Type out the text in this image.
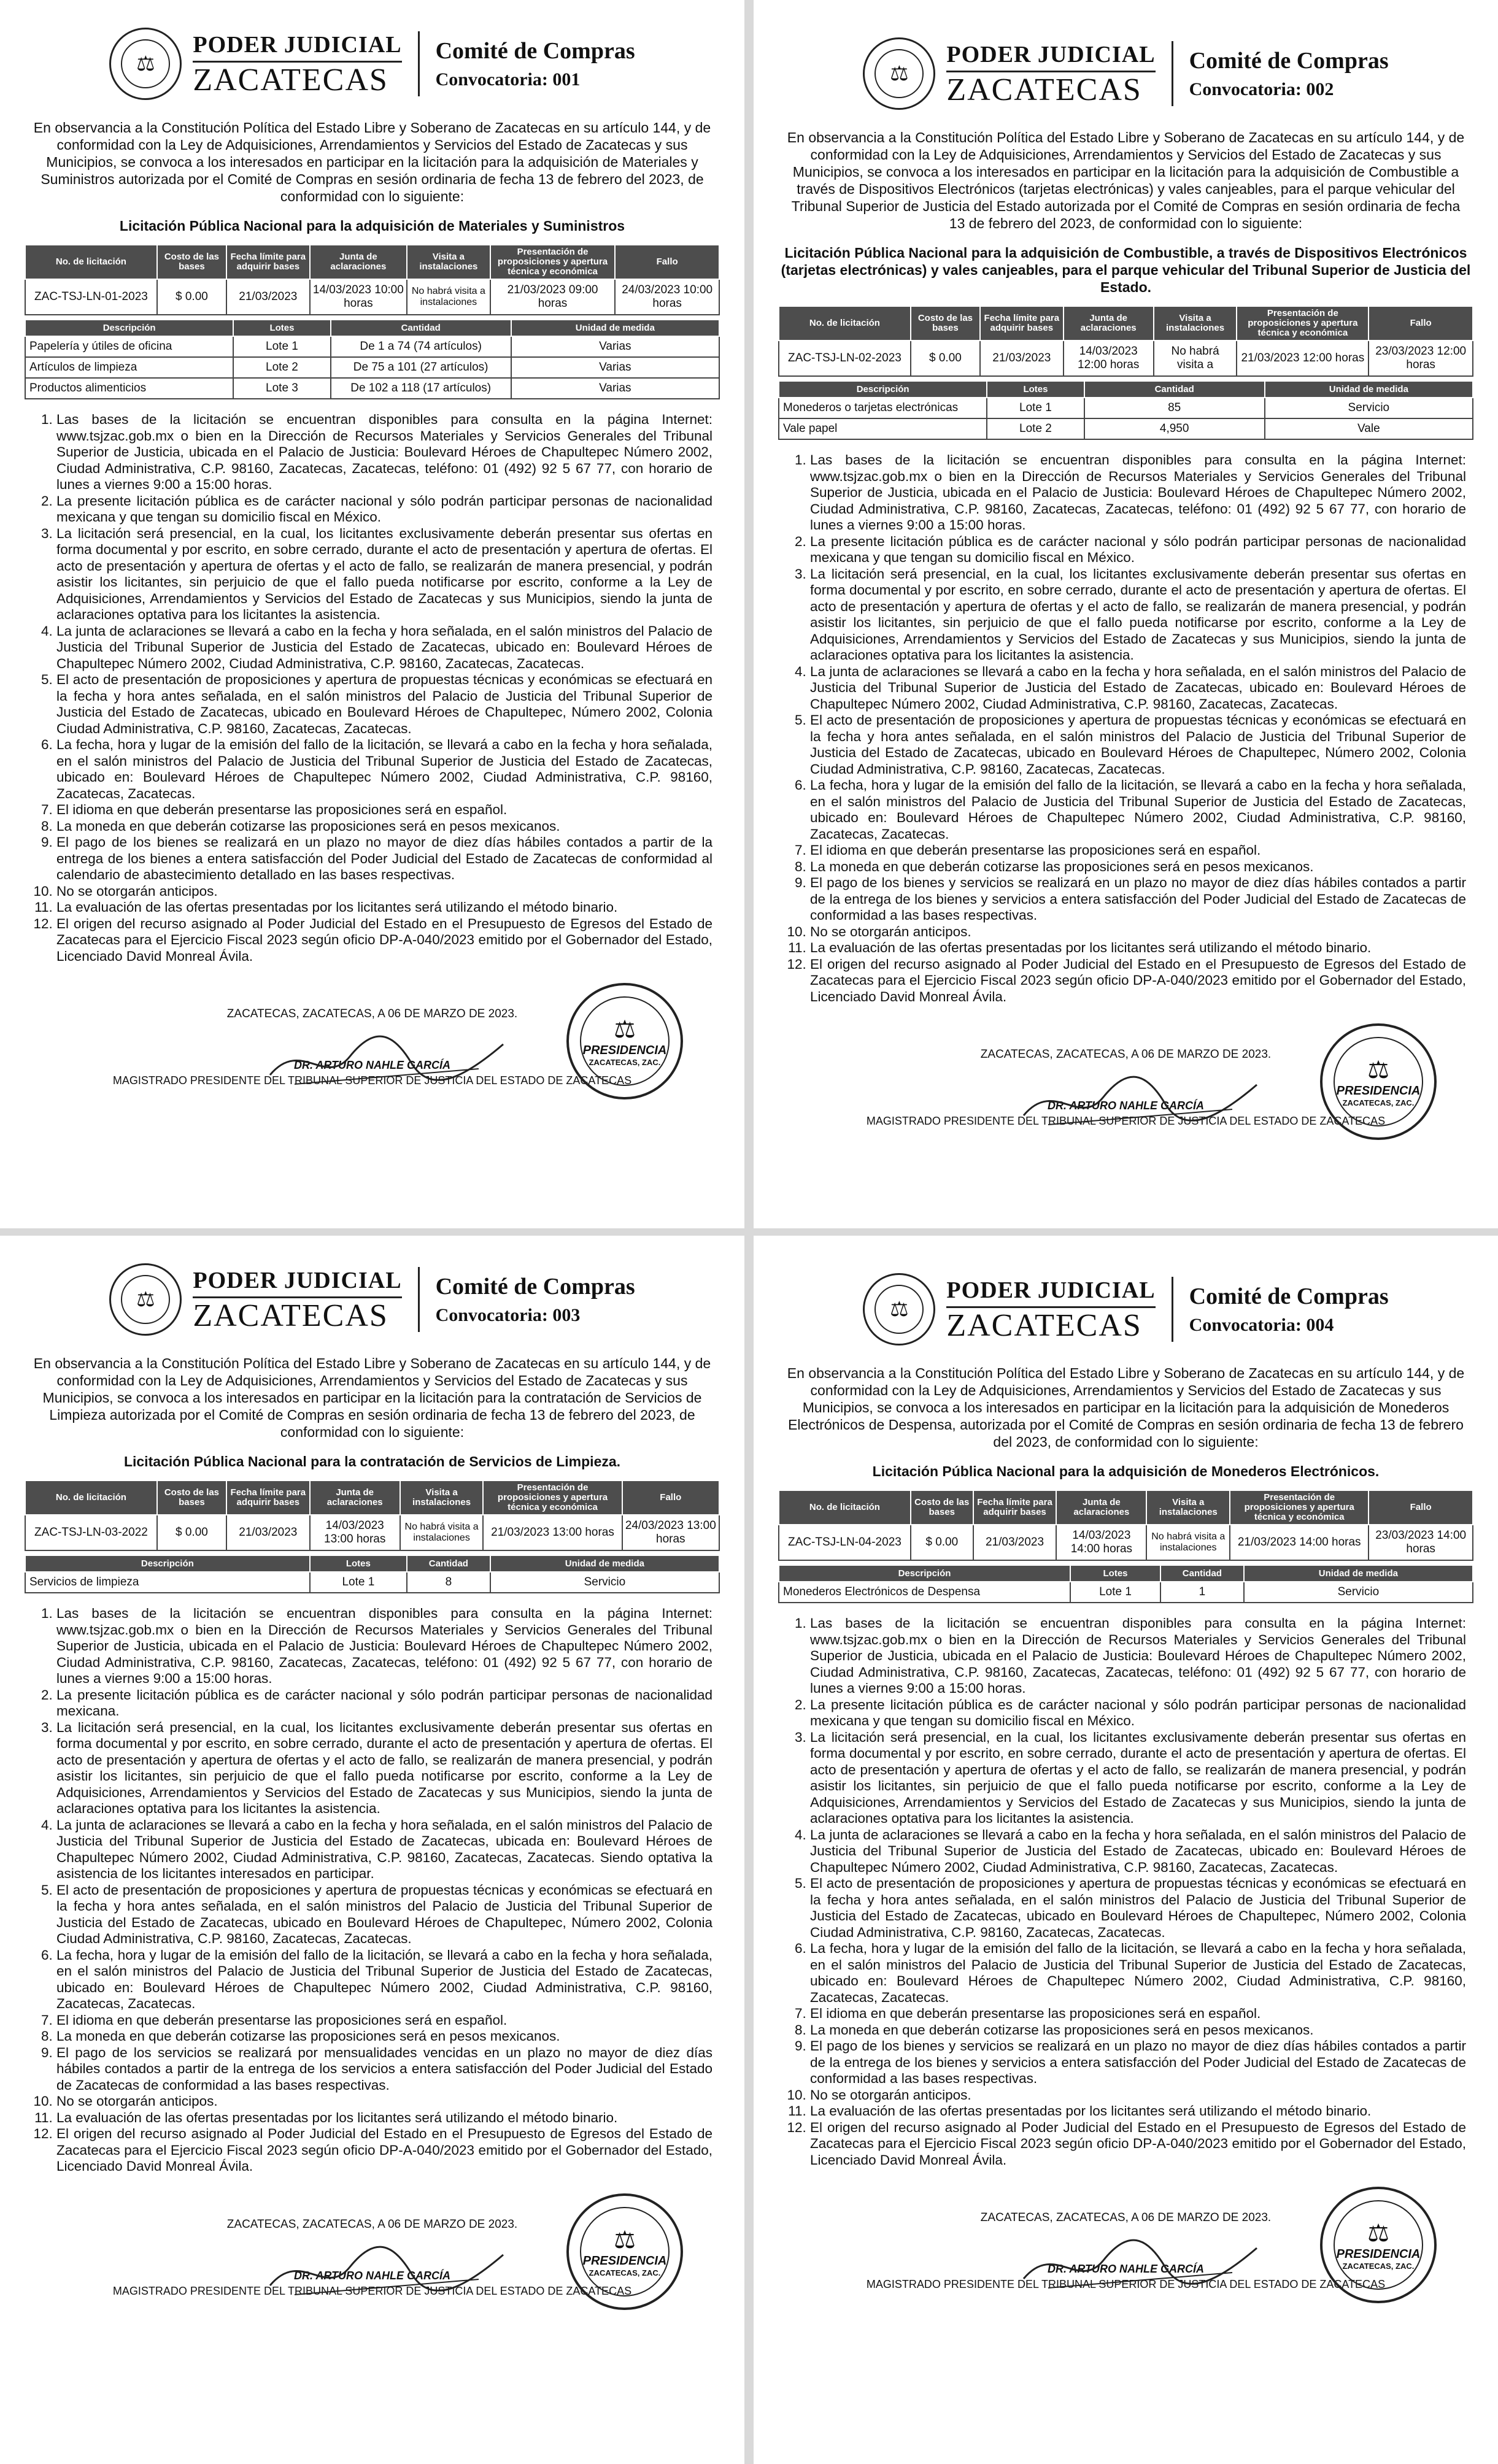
⚖
PODER JUDICIAL
ZACATECAS
Comité de Compras
Convocatoria: 001
En observancia a la Constitución Política del Estado Libre y Soberano de Zacatecas en su artículo 144, y de conformidad con la Ley de Adquisiciones, Arrendamientos y Servicios del Estado de Zacatecas y sus Municipios, se convoca a los interesados en participar en la licitación para la adquisición de Materiales y Suministros autorizada por el Comité de Compras en sesión ordinaria de fecha 13 de febrero del 2023, de conformidad con lo siguiente:
Licitación Pública Nacional para la adquisición de Materiales y Suministros
No. de licitación	Costo de las bases	Fecha límite para adquirir bases	Junta de aclaraciones	Visita a instalaciones	Presentación de proposiciones y apertura técnica y económica	Fallo
ZAC-TSJ-LN-01-2023	$ 0.00	21/03/2023	14/03/2023 10:00 horas	No habrá visita a instalaciones	21/03/2023 09:00 horas	24/03/2023 10:00 horas
Descripción	Lotes	Cantidad	Unidad de medida
Papelería y útiles de oficina	Lote 1	De 1 a 74 (74 artículos)	Varias
Artículos de limpieza	Lote 2	De 75 a 101 (27 artículos)	Varias
Productos alimenticios	Lote 3	De 102 a 118 (17 artículos)	Varias
1. Las bases de la licitación se encuentran disponibles para consulta en la página Internet: www.tsjzac.gob.mx o bien en la Dirección de Recursos Materiales y Servicios Generales del Tribunal Superior de Justicia, ubicada en el Palacio de Justicia: Boulevard Héroes de Chapultepec Número 2002, Ciudad Administrativa, C.P. 98160, Zacatecas, Zacatecas, teléfono: 01 (492) 92 5 67 77, con horario de lunes a viernes 9:00 a 15:00 horas.
2. La presente licitación pública es de carácter nacional y sólo podrán participar personas de nacionalidad mexicana y que tengan su domicilio fiscal en México.
3. La licitación será presencial, en la cual, los licitantes exclusivamente deberán presentar sus ofertas en forma documental y por escrito, en sobre cerrado, durante el acto de presentación y apertura de ofertas. El acto de presentación y apertura de ofertas y el acto de fallo, se realizarán de manera presencial, y podrán asistir los licitantes, sin perjuicio de que el fallo pueda notificarse por escrito, conforme a la Ley de Adquisiciones, Arrendamientos y Servicios del Estado de Zacatecas y sus Municipios, siendo la junta de aclaraciones optativa para los licitantes la asistencia.
4. La junta de aclaraciones se llevará a cabo en la fecha y hora señalada, en el salón ministros del Palacio de Justicia del Tribunal Superior de Justicia del Estado de Zacatecas, ubicado en: Boulevard Héroes de Chapultepec Número 2002, Ciudad Administrativa, C.P. 98160, Zacatecas, Zacatecas.
5. El acto de presentación de proposiciones y apertura de propuestas técnicas y económicas se efectuará en la fecha y hora antes señalada, en el salón ministros del Palacio de Justicia del Tribunal Superior de Justicia del Estado de Zacatecas, ubicado en Boulevard Héroes de Chapultepec, Número 2002, Colonia Ciudad Administrativa, C.P. 98160, Zacatecas, Zacatecas.
6. La fecha, hora y lugar de la emisión del fallo de la licitación, se llevará a cabo en la fecha y hora señalada, en el salón ministros del Palacio de Justicia del Tribunal Superior de Justicia del Estado de Zacatecas, ubicado en: Boulevard Héroes de Chapultepec Número 2002, Ciudad Administrativa, C.P. 98160, Zacatecas, Zacatecas.
7. El idioma en que deberán presentarse las proposiciones será en español.
8. La moneda en que deberán cotizarse las proposiciones será en pesos mexicanos.
9. El pago de los bienes se realizará en un plazo no mayor de diez días hábiles contados a partir de la entrega de los bienes a entera satisfacción del Poder Judicial del Estado de Zacatecas de conformidad al calendario de abastecimiento detallado en las bases respectivas.
10. No se otorgarán anticipos.
11. La evaluación de las ofertas presentadas por los licitantes será utilizando el método binario.
12. El origen del recurso asignado al Poder Judicial del Estado en el Presupuesto de Egresos del Estado de Zacatecas para el Ejercicio Fiscal 2023 según oficio DP-A-040/2023 emitido por el Gobernador del Estado, Licenciado David Monreal Ávila.
ZACATECAS, ZACATECAS, A 06 DE MARZO DE 2023.
⚖
PRESIDENCIA
ZACATECAS, ZAC.
DR. ARTURO NAHLE GARCÍA
MAGISTRADO PRESIDENTE DEL TRIBUNAL SUPERIOR DE JUSTICIA DEL ESTADO DE ZACATECAS
⚖
PODER JUDICIAL
ZACATECAS
Comité de Compras
Convocatoria: 002
En observancia a la Constitución Política del Estado Libre y Soberano de Zacatecas en su artículo 144, y de conformidad con la Ley de Adquisiciones, Arrendamientos y Servicios del Estado de Zacatecas y sus Municipios, se convoca a los interesados en participar en la licitación para la adquisición de Combustible a través de Dispositivos Electrónicos (tarjetas electrónicas) y vales canjeables, para el parque vehicular del Tribunal Superior de Justicia del Estado autorizada por el Comité de Compras en sesión ordinaria de fecha 13 de febrero del 2023, de conformidad con lo siguiente:
Licitación Pública Nacional para la adquisición de Combustible, a través de Dispositivos Electrónicos (tarjetas electrónicas) y vales canjeables, para el parque vehicular del Tribunal Superior de Justicia del Estado.
No. de licitación	Costo de las bases	Fecha límite para adquirir bases	Junta de aclaraciones	Visita a instalaciones	Presentación de proposiciones y apertura técnica y económica	Fallo
ZAC-TSJ-LN-02-2023	$ 0.00	21/03/2023	14/03/2023 12:00 horas	No habrá visita a	21/03/2023 12:00 horas	23/03/2023 12:00 horas
Descripción	Lotes	Cantidad	Unidad de medida
Monederos o tarjetas electrónicas	Lote 1	85	Servicio
Vale papel	Lote 2	4,950	Vale
1. Las bases de la licitación se encuentran disponibles para consulta en la página Internet: www.tsjzac.gob.mx o bien en la Dirección de Recursos Materiales y Servicios Generales del Tribunal Superior de Justicia, ubicada en el Palacio de Justicia: Boulevard Héroes de Chapultepec Número 2002, Ciudad Administrativa, C.P. 98160, Zacatecas, Zacatecas, teléfono: 01 (492) 92 5 67 77, con horario de lunes a viernes 9:00 a 15:00 horas.
2. La presente licitación pública es de carácter nacional y sólo podrán participar personas de nacionalidad mexicana y que tengan su domicilio fiscal en México.
3. La licitación será presencial, en la cual, los licitantes exclusivamente deberán presentar sus ofertas en forma documental y por escrito, en sobre cerrado, durante el acto de presentación y apertura de ofertas. El acto de presentación y apertura de ofertas y el acto de fallo, se realizarán de manera presencial, y podrán asistir los licitantes, sin perjuicio de que el fallo pueda notificarse por escrito, conforme a la Ley de Adquisiciones, Arrendamientos y Servicios del Estado de Zacatecas y sus Municipios, siendo la junta de aclaraciones optativa para los licitantes la asistencia.
4. La junta de aclaraciones se llevará a cabo en la fecha y hora señalada, en el salón ministros del Palacio de Justicia del Tribunal Superior de Justicia del Estado de Zacatecas, ubicado en: Boulevard Héroes de Chapultepec Número 2002, Ciudad Administrativa, C.P. 98160, Zacatecas, Zacatecas.
5. El acto de presentación de proposiciones y apertura de propuestas técnicas y económicas se efectuará en la fecha y hora antes señalada, en el salón ministros del Palacio de Justicia del Tribunal Superior de Justicia del Estado de Zacatecas, ubicado en Boulevard Héroes de Chapultepec, Número 2002, Colonia Ciudad Administrativa, C.P. 98160, Zacatecas, Zacatecas.
6. La fecha, hora y lugar de la emisión del fallo de la licitación, se llevará a cabo en la fecha y hora señalada, en el salón ministros del Palacio de Justicia del Tribunal Superior de Justicia del Estado de Zacatecas, ubicado en: Boulevard Héroes de Chapultepec Número 2002, Ciudad Administrativa, C.P. 98160, Zacatecas, Zacatecas.
7. El idioma en que deberán presentarse las proposiciones será en español.
8. La moneda en que deberán cotizarse las proposiciones será en pesos mexicanos.
9. El pago de los bienes y servicios se realizará en un plazo no mayor de diez días hábiles contados a partir de la entrega de los bienes y servicios a entera satisfacción del Poder Judicial del Estado de Zacatecas de conformidad a las bases respectivas.
10. No se otorgarán anticipos.
11. La evaluación de las ofertas presentadas por los licitantes será utilizando el método binario.
12. El origen del recurso asignado al Poder Judicial del Estado en el Presupuesto de Egresos del Estado de Zacatecas para el Ejercicio Fiscal 2023 según oficio DP-A-040/2023 emitido por el Gobernador del Estado, Licenciado David Monreal Ávila.
ZACATECAS, ZACATECAS, A 06 DE MARZO DE 2023.
⚖
PRESIDENCIA
ZACATECAS, ZAC.
DR. ARTURO NAHLE GARCÍA
MAGISTRADO PRESIDENTE DEL TRIBUNAL SUPERIOR DE JUSTICIA DEL ESTADO DE ZACATECAS
⚖
PODER JUDICIAL
ZACATECAS
Comité de Compras
Convocatoria: 003
En observancia a la Constitución Política del Estado Libre y Soberano de Zacatecas en su artículo 144, y de conformidad con la Ley de Adquisiciones, Arrendamientos y Servicios del Estado de Zacatecas y sus Municipios, se convoca a los interesados en participar en la licitación para la contratación de Servicios de Limpieza autorizada por el Comité de Compras en sesión ordinaria de fecha 13 de febrero del 2023, de conformidad con lo siguiente:
Licitación Pública Nacional para la contratación de Servicios de Limpieza.
No. de licitación	Costo de las bases	Fecha límite para adquirir bases	Junta de aclaraciones	Visita a instalaciones	Presentación de proposiciones y apertura técnica y económica	Fallo
ZAC-TSJ-LN-03-2022	$ 0.00	21/03/2023	14/03/2023 13:00 horas	No habrá visita a instalaciones	21/03/2023 13:00 horas	24/03/2023 13:00 horas
Descripción	Lotes	Cantidad	Unidad de medida
Servicios de limpieza	Lote 1	8	Servicio
1. Las bases de la licitación se encuentran disponibles para consulta en la página Internet: www.tsjzac.gob.mx o bien en la Dirección de Recursos Materiales y Servicios Generales del Tribunal Superior de Justicia, ubicada en el Palacio de Justicia: Boulevard Héroes de Chapultepec Número 2002, Ciudad Administrativa, C.P. 98160, Zacatecas, Zacatecas, teléfono: 01 (492) 92 5 67 77, con horario de lunes a viernes 9:00 a 15:00 horas.
2. La presente licitación pública es de carácter nacional y sólo podrán participar personas de nacionalidad mexicana.
3. La licitación será presencial, en la cual, los licitantes exclusivamente deberán presentar sus ofertas en forma documental y por escrito, en sobre cerrado, durante el acto de presentación y apertura de ofertas. El acto de presentación y apertura de ofertas y el acto de fallo, se realizarán de manera presencial, y podrán asistir los licitantes, sin perjuicio de que el fallo pueda notificarse por escrito, conforme a la Ley de Adquisiciones, Arrendamientos y Servicios del Estado de Zacatecas y sus Municipios, siendo la junta de aclaraciones optativa para los licitantes la asistencia.
4. La junta de aclaraciones se llevará a cabo en la fecha y hora señalada, en el salón ministros del Palacio de Justicia del Tribunal Superior de Justicia del Estado de Zacatecas, ubicada en: Boulevard Héroes de Chapultepec Número 2002, Ciudad Administrativa, C.P. 98160, Zacatecas, Zacatecas. Siendo optativa la asistencia de los licitantes interesados en participar.
5. El acto de presentación de proposiciones y apertura de propuestas técnicas y económicas se efectuará en la fecha y hora antes señalada, en el salón ministros del Palacio de Justicia del Tribunal Superior de Justicia del Estado de Zacatecas, ubicado en Boulevard Héroes de Chapultepec, Número 2002, Colonia Ciudad Administrativa, C.P. 98160, Zacatecas, Zacatecas.
6. La fecha, hora y lugar de la emisión del fallo de la licitación, se llevará a cabo en la fecha y hora señalada, en el salón ministros del Palacio de Justicia del Tribunal Superior de Justicia del Estado de Zacatecas, ubicado en: Boulevard Héroes de Chapultepec Número 2002, Ciudad Administrativa, C.P. 98160, Zacatecas, Zacatecas.
7. El idioma en que deberán presentarse las proposiciones será en español.
8. La moneda en que deberán cotizarse las proposiciones será en pesos mexicanos.
9. El pago de los servicios se realizará por mensualidades vencidas en un plazo no mayor de diez días hábiles contados a partir de la entrega de los servicios a entera satisfacción del Poder Judicial del Estado de Zacatecas de conformidad a las bases respectivas.
10. No se otorgarán anticipos.
11. La evaluación de las ofertas presentadas por los licitantes será utilizando el método binario.
12. El origen del recurso asignado al Poder Judicial del Estado en el Presupuesto de Egresos del Estado de Zacatecas para el Ejercicio Fiscal 2023 según oficio DP-A-040/2023 emitido por el Gobernador del Estado, Licenciado David Monreal Ávila.
ZACATECAS, ZACATECAS, A 06 DE MARZO DE 2023.
⚖
PRESIDENCIA
ZACATECAS, ZAC.
DR. ARTURO NAHLE GARCÍA
MAGISTRADO PRESIDENTE DEL TRIBUNAL SUPERIOR DE JUSTICIA DEL ESTADO DE ZACATECAS
⚖
PODER JUDICIAL
ZACATECAS
Comité de Compras
Convocatoria: 004
En observancia a la Constitución Política del Estado Libre y Soberano de Zacatecas en su artículo 144, y de conformidad con la Ley de Adquisiciones, Arrendamientos y Servicios del Estado de Zacatecas y sus Municipios, se convoca a los interesados en participar en la licitación para la adquisición de Monederos Electrónicos de Despensa, autorizada por el Comité de Compras en sesión ordinaria de fecha 13 de febrero del 2023, de conformidad con lo siguiente:
Licitación Pública Nacional para la adquisición de Monederos Electrónicos.
No. de licitación	Costo de las bases	Fecha límite para adquirir bases	Junta de aclaraciones	Visita a instalaciones	Presentación de proposiciones y apertura técnica y económica	Fallo
ZAC-TSJ-LN-04-2023	$ 0.00	21/03/2023	14/03/2023 14:00 horas	No habrá visita a instalaciones	21/03/2023 14:00 horas	23/03/2023 14:00 horas
Descripción	Lotes	Cantidad	Unidad de medida
Monederos Electrónicos de Despensa	Lote 1	1	Servicio
1. Las bases de la licitación se encuentran disponibles para consulta en la página Internet: www.tsjzac.gob.mx o bien en la Dirección de Recursos Materiales y Servicios Generales del Tribunal Superior de Justicia, ubicada en el Palacio de Justicia: Boulevard Héroes de Chapultepec Número 2002, Ciudad Administrativa, C.P. 98160, Zacatecas, Zacatecas, teléfono: 01 (492) 92 5 67 77, con horario de lunes a viernes 9:00 a 15:00 horas.
2. La presente licitación pública es de carácter nacional y sólo podrán participar personas de nacionalidad mexicana y que tengan su domicilio fiscal en México.
3. La licitación será presencial, en la cual, los licitantes exclusivamente deberán presentar sus ofertas en forma documental y por escrito, en sobre cerrado, durante el acto de presentación y apertura de ofertas. El acto de presentación y apertura de ofertas y el acto de fallo, se realizarán de manera presencial, y podrán asistir los licitantes, sin perjuicio de que el fallo pueda notificarse por escrito, conforme a la Ley de Adquisiciones, Arrendamientos y Servicios del Estado de Zacatecas y sus Municipios, siendo la junta de aclaraciones optativa para los licitantes la asistencia.
4. La junta de aclaraciones se llevará a cabo en la fecha y hora señalada, en el salón ministros del Palacio de Justicia del Tribunal Superior de Justicia del Estado de Zacatecas, ubicado en: Boulevard Héroes de Chapultepec Número 2002, Ciudad Administrativa, C.P. 98160, Zacatecas, Zacatecas.
5. El acto de presentación de proposiciones y apertura de propuestas técnicas y económicas se efectuará en la fecha y hora antes señalada, en el salón ministros del Palacio de Justicia del Tribunal Superior de Justicia del Estado de Zacatecas, ubicado en Boulevard Héroes de Chapultepec, Número 2002, Colonia Ciudad Administrativa, C.P. 98160, Zacatecas, Zacatecas.
6. La fecha, hora y lugar de la emisión del fallo de la licitación, se llevará a cabo en la fecha y hora señalada, en el salón ministros del Palacio de Justicia del Tribunal Superior de Justicia del Estado de Zacatecas, ubicado en: Boulevard Héroes de Chapultepec Número 2002, Ciudad Administrativa, C.P. 98160, Zacatecas, Zacatecas.
7. El idioma en que deberán presentarse las proposiciones será en español.
8. La moneda en que deberán cotizarse las proposiciones será en pesos mexicanos.
9. El pago de los bienes y servicios se realizará en un plazo no mayor de diez días hábiles contados a partir de la entrega de los bienes y servicios a entera satisfacción del Poder Judicial del Estado de Zacatecas de conformidad a las bases respectivas.
10. No se otorgarán anticipos.
11. La evaluación de las ofertas presentadas por los licitantes será utilizando el método binario.
12. El origen del recurso asignado al Poder Judicial del Estado en el Presupuesto de Egresos del Estado de Zacatecas para el Ejercicio Fiscal 2023 según oficio DP-A-040/2023 emitido por el Gobernador del Estado, Licenciado David Monreal Ávila.
ZACATECAS, ZACATECAS, A 06 DE MARZO DE 2023.
⚖
PRESIDENCIA
ZACATECAS, ZAC.
DR. ARTURO NAHLE GARCÍA
MAGISTRADO PRESIDENTE DEL TRIBUNAL SUPERIOR DE JUSTICIA DEL ESTADO DE ZACATECAS
